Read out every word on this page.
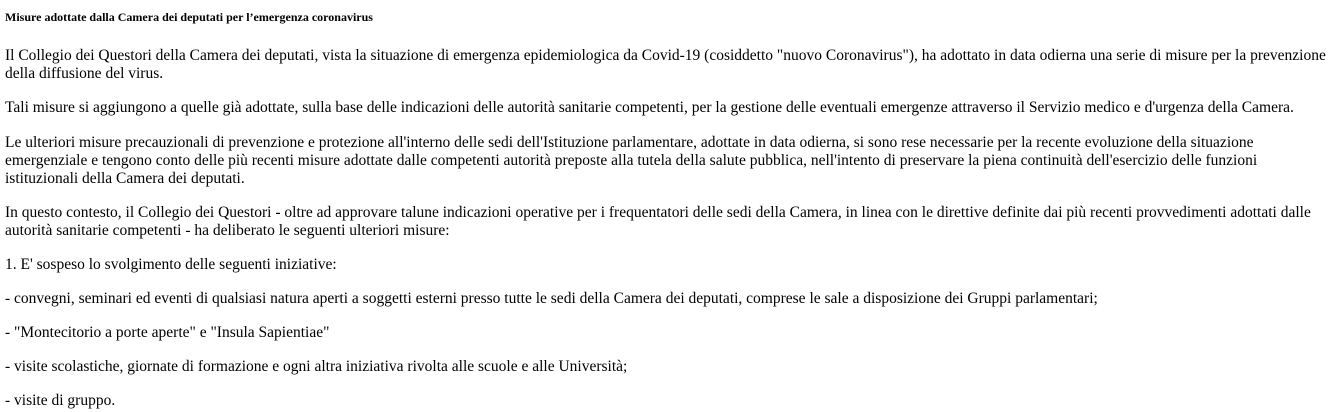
Misure adottate dalla Camera dei deputati per l’emergenza coronavirus

Il Collegio dei Questori della Camera dei deputati, vista la situazione di emergenza epidemiologica da Covid-19 (cosiddetto "nuovo Coronavirus"), ha adottato in data odierna una serie di misure per la prevenzione della diffusione del virus.

Tali misure si aggiungono a quelle già adottate, sulla base delle indicazioni delle autorità sanitarie competenti, per la gestione delle eventuali emergenze attraverso il Servizio medico e d'urgenza della Camera.

Le ulteriori misure precauzionali di prevenzione e protezione all'interno delle sedi dell'Istituzione parlamentare, adottate in data odierna, si sono rese necessarie per la recente evoluzione della situazione emergenziale e tengono conto delle più recenti misure adottate dalle competenti autorità preposte alla tutela della salute pubblica, nell'intento di preservare la piena continuità dell'esercizio delle funzioni istituzionali della Camera dei deputati.

In questo contesto, il Collegio dei Questori - oltre ad approvare talune indicazioni operative per i frequentatori delle sedi della Camera, in linea con le direttive definite dai più recenti provvedimenti adottati dalle autorità sanitarie competenti - ha deliberato le seguenti ulteriori misure:

1. E' sospeso lo svolgimento delle seguenti iniziative:

- convegni, seminari ed eventi di qualsiasi natura aperti a soggetti esterni presso tutte le sedi della Camera dei deputati, comprese le sale a disposizione dei Gruppi parlamentari;

- "Montecitorio a porte aperte" e "Insula Sapientiae"

- visite scolastiche, giornate di formazione e ogni altra iniziativa rivolta alle scuole e alle Università;

- visite di gruppo.
